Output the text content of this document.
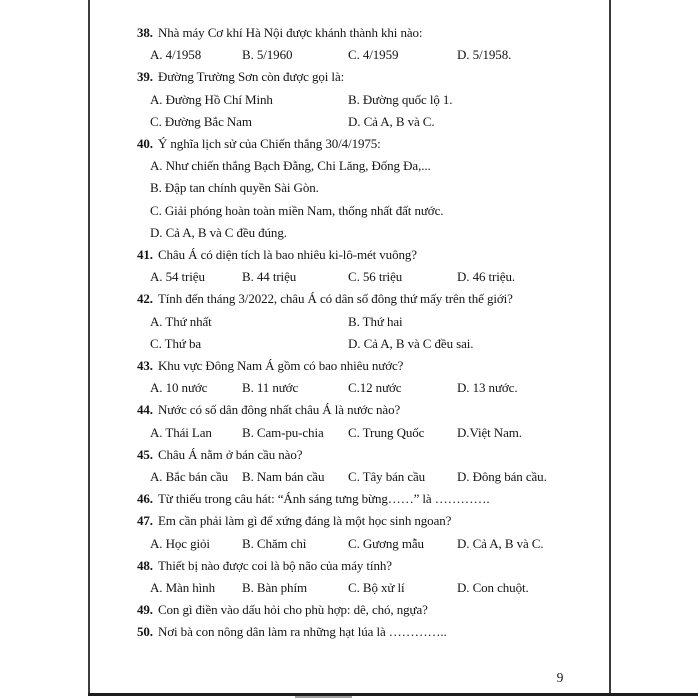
38. Nhà máy Cơ khí Hà Nội được khánh thành khi nào:
A. 4/1958	B. 5/1960	C. 4/1959	D. 5/1958.
39. Đường Trường Sơn còn được gọi là:
A. Đường Hồ Chí Minh	B. Đường quốc lộ 1.
C. Đường Bắc Nam	D. Cả A, B và C.
40. Ý nghĩa lịch sử của Chiến thắng 30/4/1975:
A. Như chiến thắng Bạch Đằng, Chi Lăng, Đống Đa,...
B. Đập tan chính quyền Sài Gòn.
C. Giải phóng hoàn toàn miền Nam, thống nhất đất nước.
D. Cả A, B và C đều đúng.
41. Châu Á có diện tích là bao nhiêu ki-lô-mét vuông?
A. 54 triệu	B. 44 triệu	C. 56 triệu	D. 46 triệu.
42. Tính đến tháng 3/2022, châu Á có dân số đông thứ mấy trên thế giới?
A. Thứ nhất	B. Thứ hai
C. Thứ ba	D. Cả A, B và C đều sai.
43. Khu vực Đông Nam Á gồm có bao nhiêu nước?
A. 10 nước	B. 11 nước	C.12 nước	D. 13 nước.
44. Nước có số dân đông nhất châu Á là nước nào?
A. Thái Lan B. Cam-pu-chia C. Trung Quốc	D.Việt Nam.
45. Châu Á nằm ở bán cầu nào?
A. Bắc bán cầu B. Nam bán cầu C. Tây bán cầu D. Đông bán cầu.
46. Từ thiếu trong câu hát: “Ánh sáng tưng bừng……” là ………….
47. Em cần phải làm gì để xứng đáng là một học sinh ngoan?
A. Học giỏi B. Chăm chỉ	C. Gương mẫu	D. Cả A, B và C.
48. Thiết bị nào được coi là bộ não của máy tính?
A. Màn hình B. Bàn phím	C. Bộ xử lí	D. Con chuột.
49. Con gì điền vào dấu hỏi cho phù hợp: dê, chó, ngựa?
50. Nơi bà con nông dân làm ra những hạt lúa là …………..
9
